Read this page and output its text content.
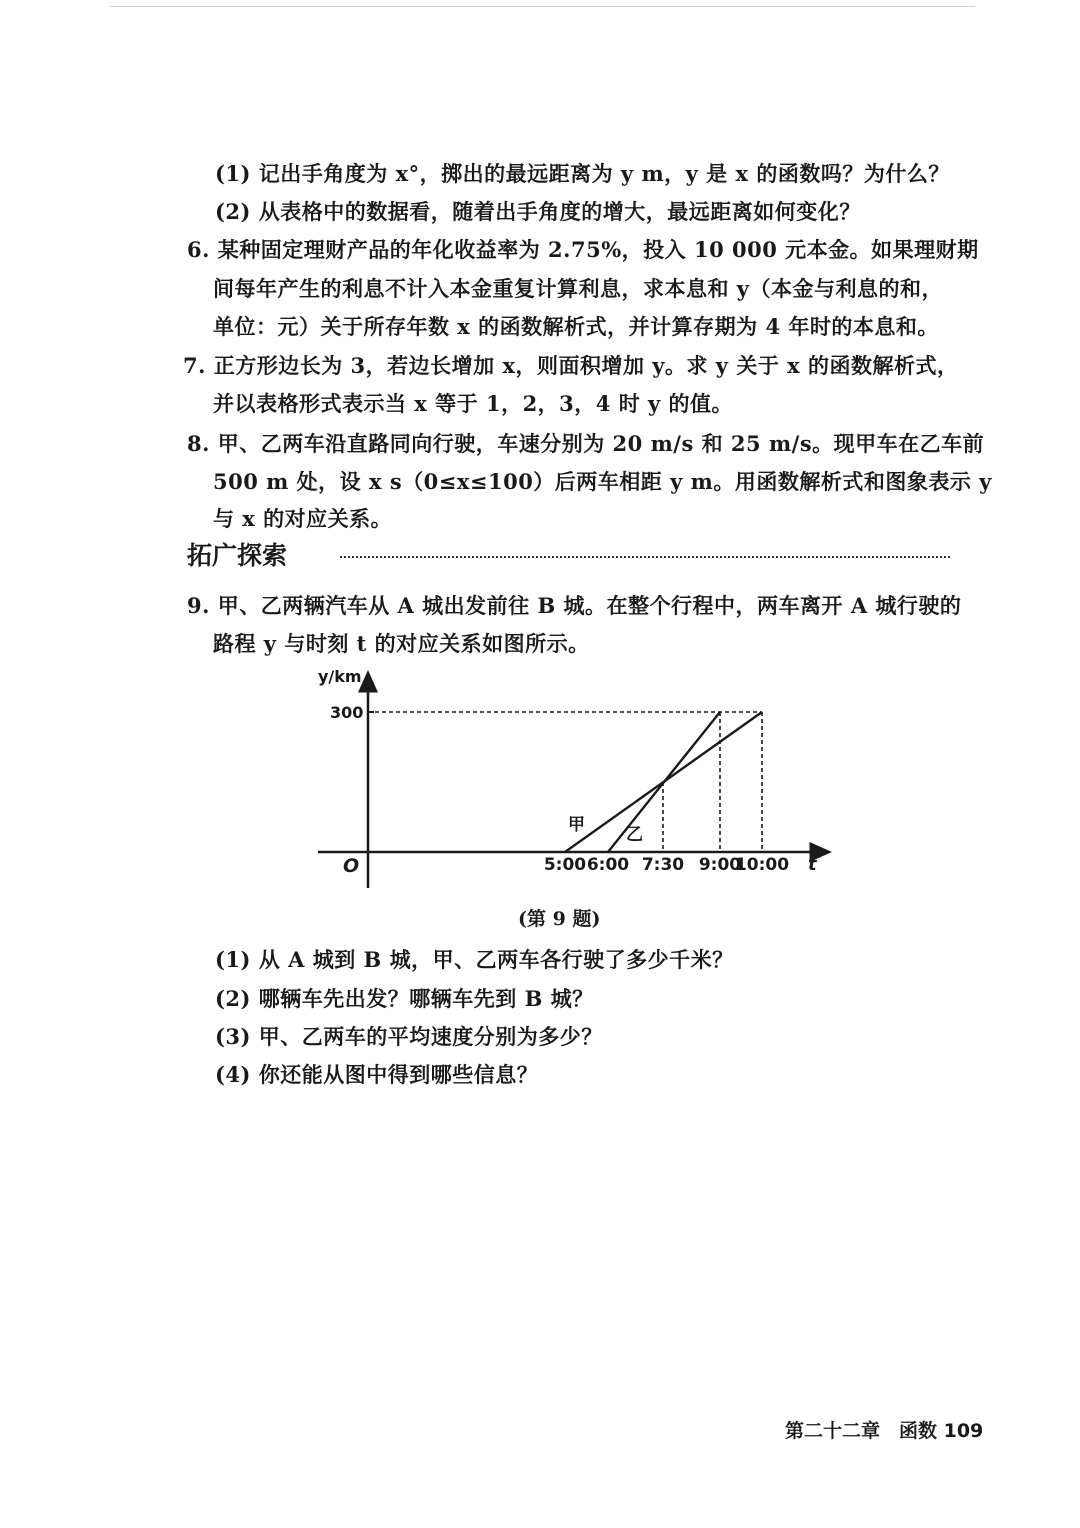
(1) 记出手角度为 x°，掷出的最远距离为 y m，y 是 x 的函数吗？为什么？
(2) 从表格中的数据看，随着出手角度的增大，最远距离如何变化？
6. 某种固定理财产品的年化收益率为 2.75%，投入 10 000 元本金。如果理财期
间每年产生的利息不计入本金重复计算利息，求本息和 y（本金与利息的和，
单位：元）关于所存年数 x 的函数解析式，并计算存期为 4 年时的本息和。
7. 正方形边长为 3，若边长增加 x，则面积增加 y。求 y 关于 x 的函数解析式，
并以表格形式表示当 x 等于 1，2，3，4 时 y 的值。
8. 甲、乙两车沿直路同向行驶，车速分别为 20 m/s 和 25 m/s。现甲车在乙车前
500 m 处，设 x s（0≤x≤100）后两车相距 y m。用函数解析式和图象表示 y
与 x 的对应关系。
拓广探索
9. 甲、乙两辆汽车从 A 城出发前往 B 城。在整个行程中，两车离开 A 城行驶的
路程 y 与时刻 t 的对应关系如图所示。
y/km
t
O
300
5:00 6:00 7:30 9:00
10:00
甲 乙
(第 9 题)
(1) 从 A 城到 B 城，甲、乙两车各行驶了多少千米？
(2) 哪辆车先出发？哪辆车先到 B 城？
(3) 甲、乙两车的平均速度分别为多少？
(4) 你还能从图中得到哪些信息？
第二十二章　函数 109
